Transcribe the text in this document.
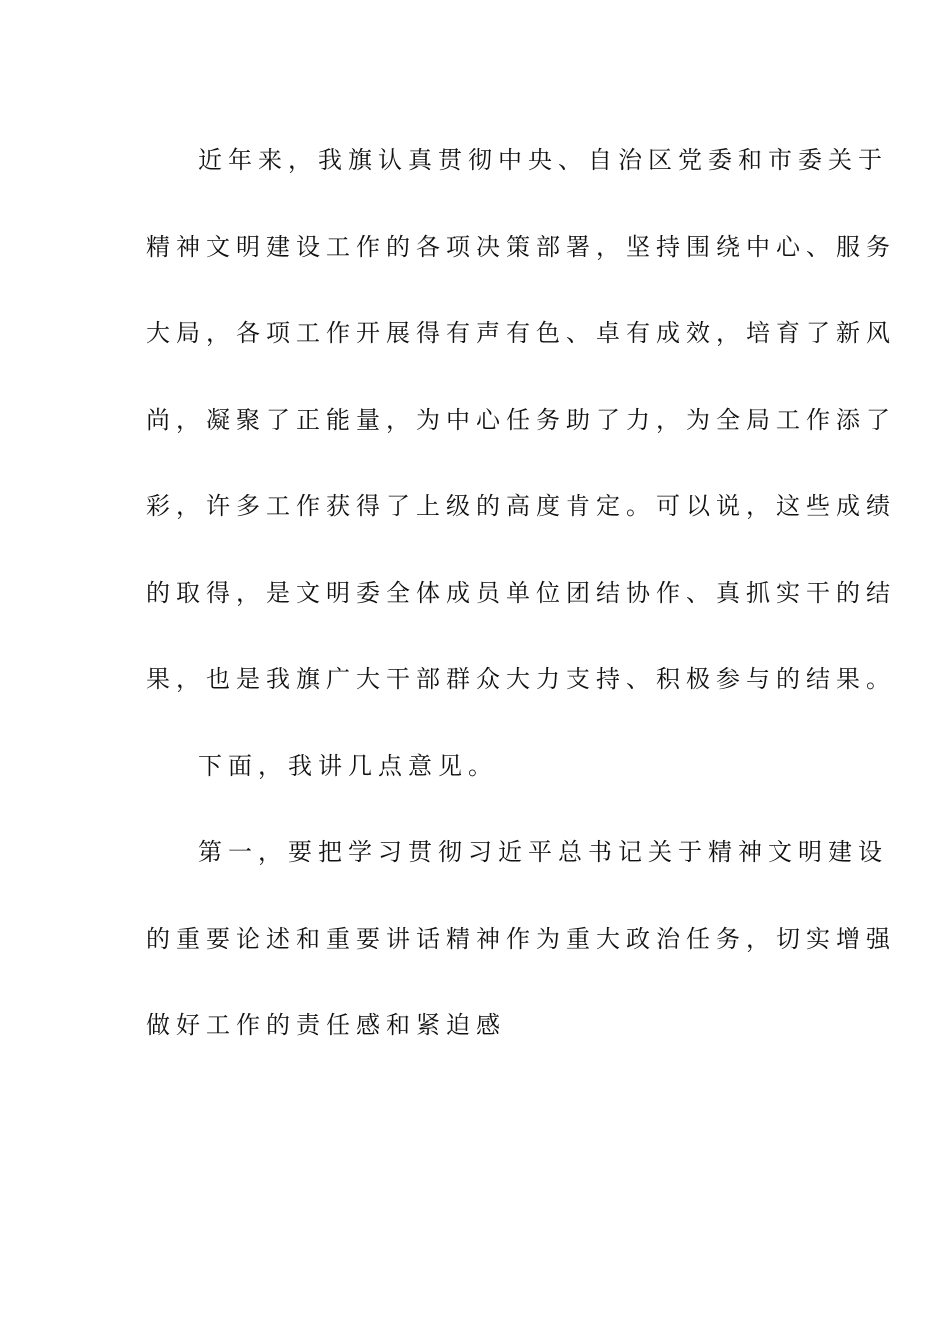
近年来，我旗认真贯彻中央、自治区党委和市委关于
精神文明建设工作的各项决策部署，坚持围绕中心、服务
大局，各项工作开展得有声有色、卓有成效，培育了新风
尚，凝聚了正能量，为中心任务助了力，为全局工作添了
彩，许多工作获得了上级的高度肯定。可以说，这些成绩
的取得，是文明委全体成员单位团结协作、真抓实干的结
果，也是我旗广大干部群众大力支持、积极参与的结果。
下面，我讲几点意见。
第一，要把学习贯彻习近平总书记关于精神文明建设
的重要论述和重要讲话精神作为重大政治任务，切实增强
做好工作的责任感和紧迫感
